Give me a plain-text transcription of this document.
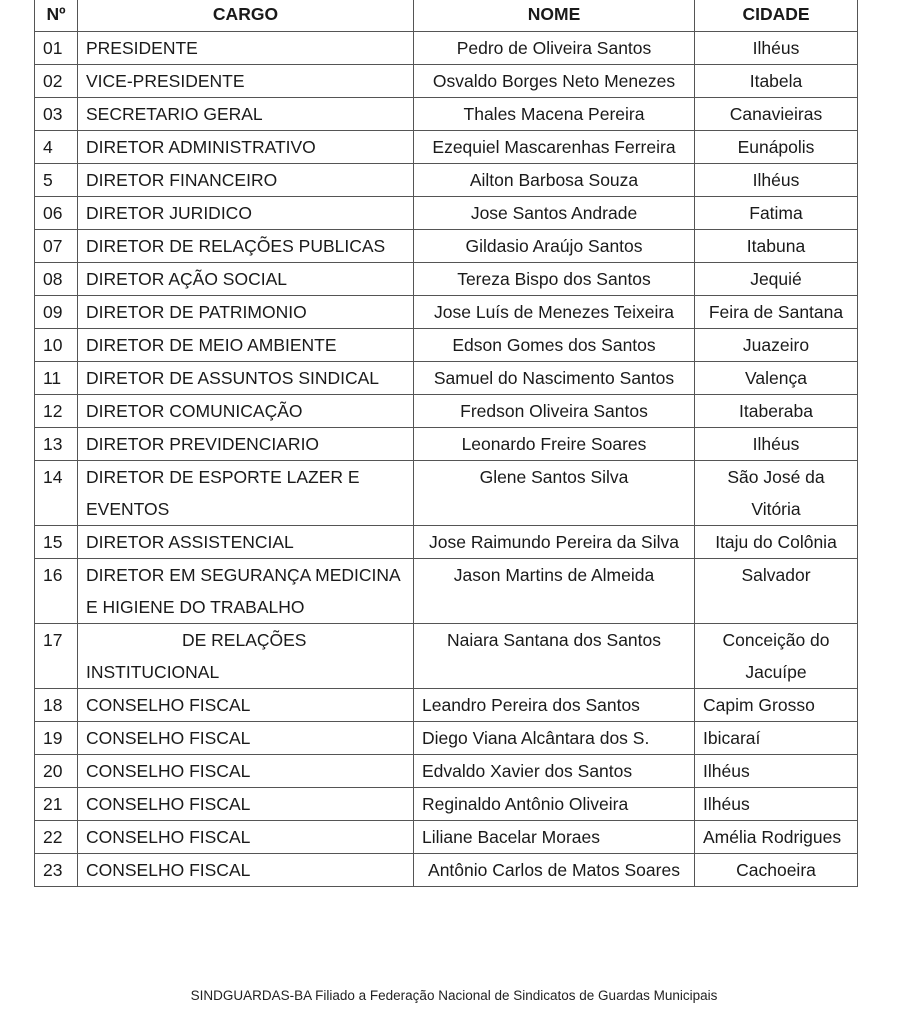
Nº	CARGO	NOME	CIDADE
01	PRESIDENTE	Pedro de Oliveira Santos	Ilhéus
02	VICE-PRESIDENTE	Osvaldo Borges Neto Menezes	Itabela
03	SECRETARIO GERAL	Thales Macena Pereira	Canavieiras
4	DIRETOR ADMINISTRATIVO	Ezequiel Mascarenhas Ferreira	Eunápolis
5	DIRETOR FINANCEIRO	Ailton Barbosa Souza	Ilhéus
06	DIRETOR JURIDICO	Jose Santos Andrade	Fatima
07	DIRETOR DE RELAÇÕES PUBLICAS	Gildasio Araújo Santos	Itabuna
08	DIRETOR AÇÃO SOCIAL	Tereza Bispo dos Santos	Jequié
09	DIRETOR DE PATRIMONIO	Jose Luís de Menezes Teixeira	Feira de Santana
10	DIRETOR DE MEIO AMBIENTE	Edson Gomes dos Santos	Juazeiro
11	DIRETOR DE ASSUNTOS SINDICAL	Samuel do Nascimento Santos	Valença
12	DIRETOR COMUNICAÇÃO	Fredson Oliveira Santos	Itaberaba
13	DIRETOR PREVIDENCIARIO	Leonardo Freire Soares	Ilhéus
14	DIRETOR DE ESPORTE LAZER E EVENTOS	Glene Santos Silva	São José da Vitória
15	DIRETOR ASSISTENCIAL	Jose Raimundo Pereira da Silva	Itaju do Colônia
16	DIRETOR EM SEGURANÇA MEDICINA E HIGIENE DO TRABALHO	Jason Martins de Almeida	Salvador
17	DE RELAÇÕES INSTITUCIONAL	Naiara Santana dos Santos	Conceição do Jacuípe
18	CONSELHO FISCAL	Leandro Pereira dos Santos	Capim Grosso
19	CONSELHO FISCAL	Diego Viana Alcântara dos S.	Ibicaraí
20	CONSELHO FISCAL	Edvaldo Xavier dos Santos	Ilhéus
21	CONSELHO FISCAL	Reginaldo Antônio Oliveira	Ilhéus
22	CONSELHO FISCAL	Liliane Bacelar Moraes	Amélia Rodrigues
23	CONSELHO FISCAL	Antônio Carlos de Matos Soares	Cachoeira
SINDGUARDAS-BA Filiado a Federação Nacional de Sindicatos de Guardas Municipais
